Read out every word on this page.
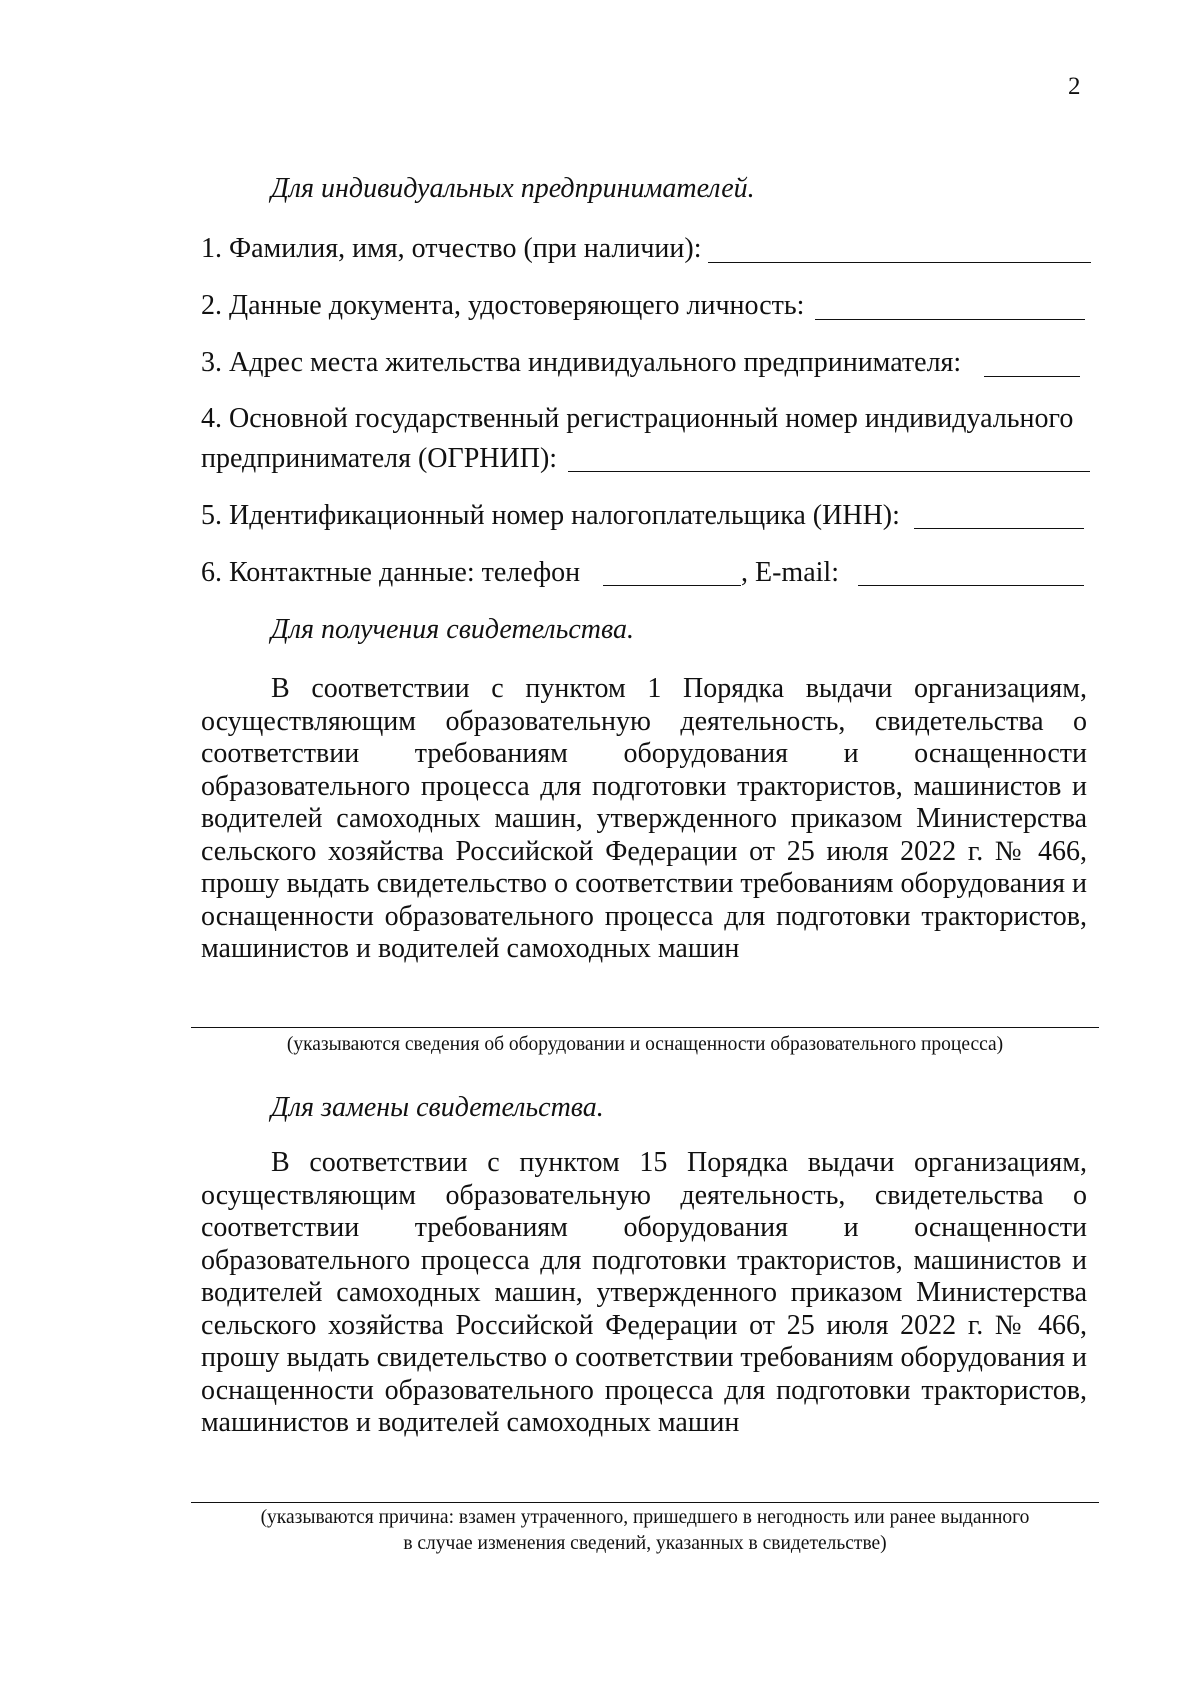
2
Для индивидуальных предпринимателей.
1. Фамилия, имя, отчество (при наличии):
2. Данные документа, удостоверяющего личность:
3. Адрес места жительства индивидуального предпринимателя:
4. Основной государственный регистрационный номер индивидуального
предпринимателя (ОГРНИП):
5. Идентификационный номер налогоплательщика (ИНН):
6. Контактные данные: телефон	, E-mail:
Для получения свидетельства.
В соответствии с пунктом 1 Порядка выдачи организациям, осуществляющим образовательную деятельность, свидетельства о соответствии требованиям оборудования и оснащенности образовательного процесса для подготовки трактористов, машинистов и водителей самоходных машин, утвержденного приказом Министерства сельского хозяйства Российской Федерации от 25 июля 2022 г. № 466, прошу выдать свидетельство о соответствии требованиям оборудования и оснащенности образовательного процесса для подготовки трактористов, машинистов и водителей самоходных машин
(указываются сведения об оборудовании и оснащенности образовательного процесса)
Для замены свидетельства.
В соответствии с пунктом 15 Порядка выдачи организациям, осуществляющим образовательную деятельность, свидетельства о соответствии требованиям оборудования и оснащенности образовательного процесса для подготовки трактористов, машинистов и водителей самоходных машин, утвержденного приказом Министерства сельского хозяйства Российской Федерации от 25 июля 2022 г. № 466, прошу выдать свидетельство о соответствии требованиям оборудования и оснащенности образовательного процесса для подготовки трактористов, машинистов и водителей самоходных машин
(указываются причина: взамен утраченного, пришедшего в негодность или ранее выданного
в случае изменения сведений, указанных в свидетельстве)
